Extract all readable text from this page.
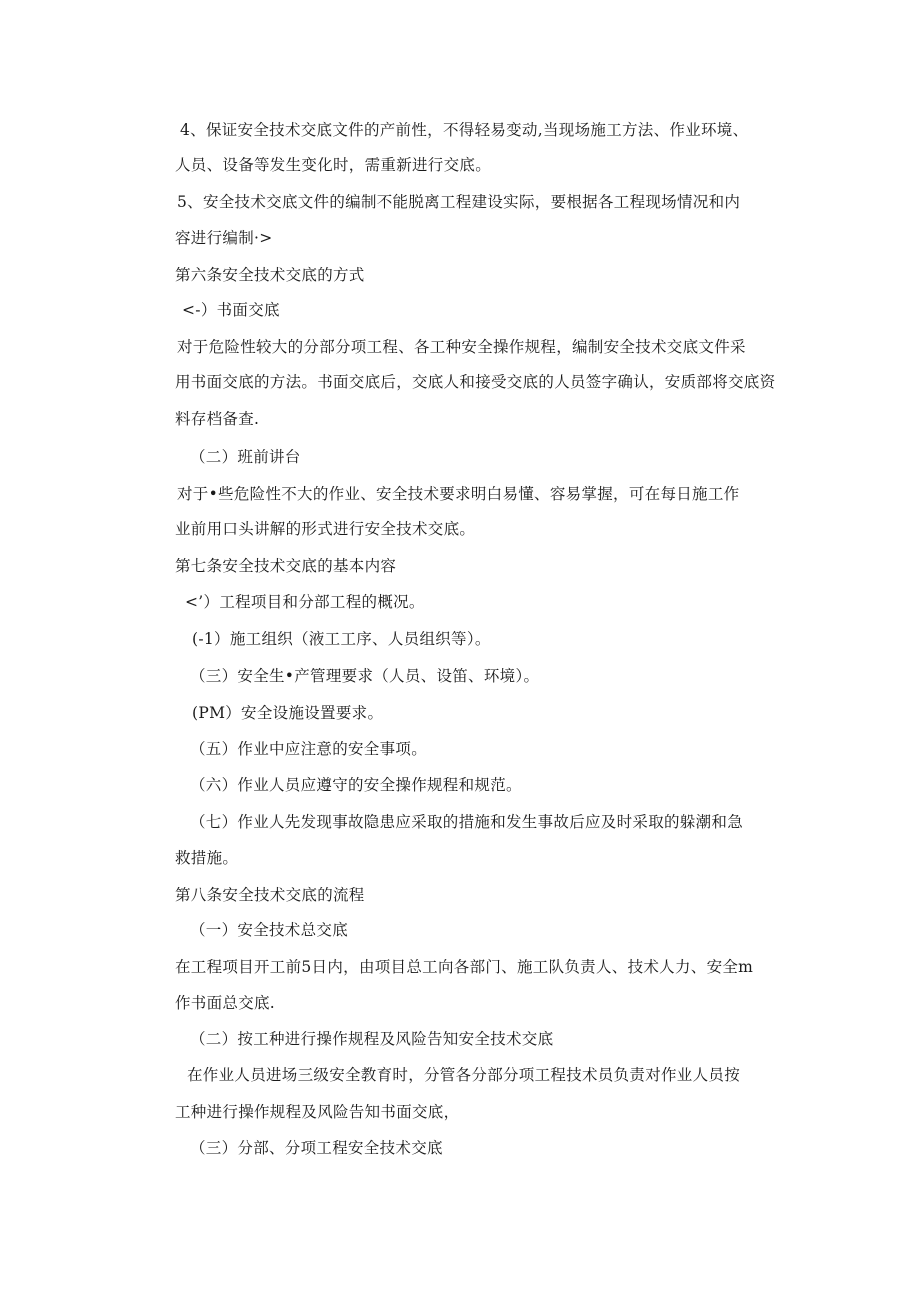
4、保证安全技术交底文件的产前性，不得轻易变动,当现场施工方法、作业环境、
人员、设备等发生变化时，需重新进行交底。
5、安全技术交底文件的编制不能脱离工程建设实际，要根据各工程现场情况和内
容进行编制·>
第六条安全技术交底的方式
<-）书面交底
对于危险性较大的分部分项工程、各工种安全操作规程，编制安全技术交底文件采
用书面交底的方法。书面交底后，交底人和接受交底的人员签字确认，安质部将交底资
料存档备查.
（二）班前讲台
对于•些危险性不大的作业、安全技术要求明白易懂、容易掌握，可在每日施工作
业前用口头讲解的形式进行安全技术交底。
第七条安全技术交底的基本内容
<’）工程项目和分部工程的概况。
(-1）施工组织（液工工序、人员组织等）。
（三）安全生•产管理要求（人员、设笛、环境）。
(PM）安全设施设置要求。
（五）作业中应注意的安全事项。
（六）作业人员应遵守的安全操作规程和规范。
（七）作业人先发现事故隐患应采取的措施和发生事故后应及时采取的躲潮和急
救措施。
第八条安全技术交底的流程
（一）安全技术总交底
在工程项目开工前5日内，由项目总工向各部门、施工队负责人、技术人力、安全m
作书面总交底.
（二）按工种进行操作规程及风险告知安全技术交底
在作业人员进场三级安全教育时，分管各分部分项工程技术员负责对作业人员按
工种进行操作规程及风险告知书面交底，
（三）分部、分项工程安全技术交底
